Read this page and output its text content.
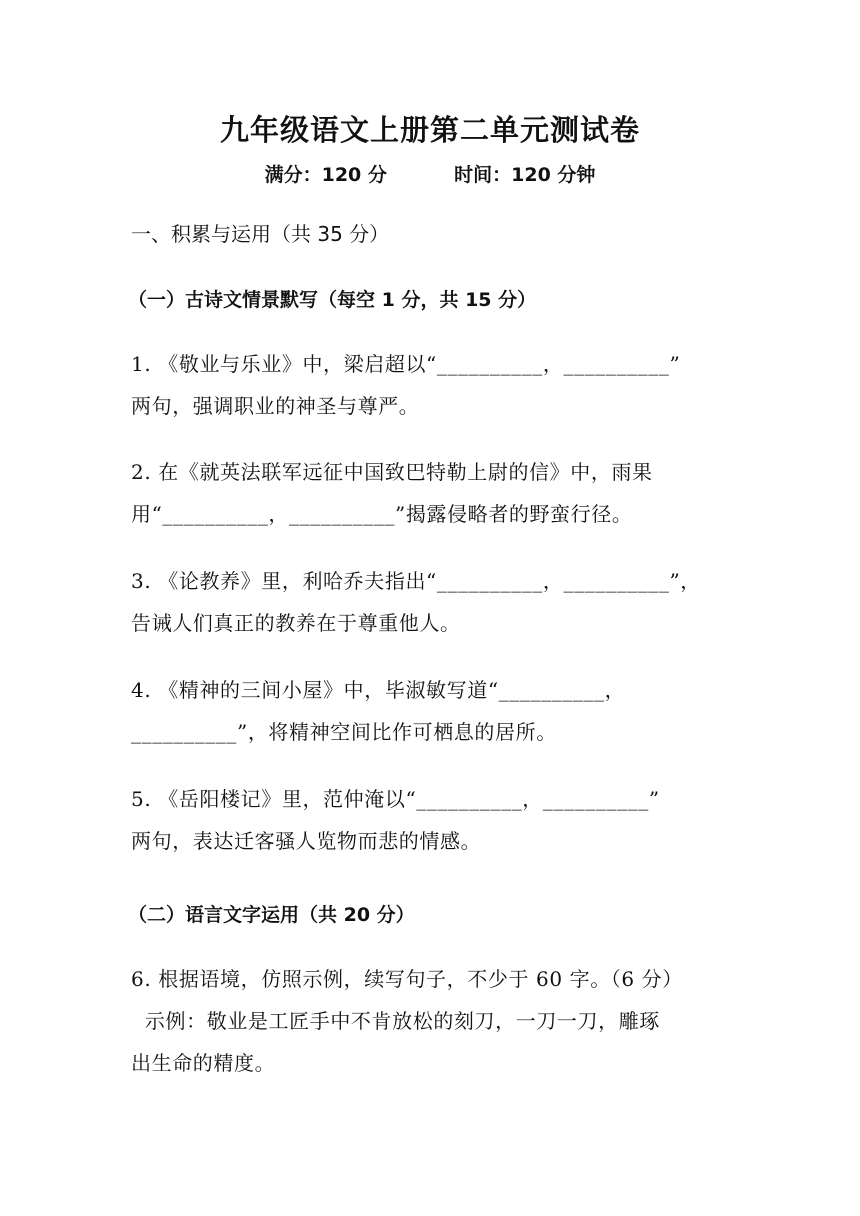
九年级语文上册第二单元测试卷
满分：120 分	时间：120 分钟
一、积累与运用（共 35 分）
（一）古诗文情景默写（每空 1 分，共 15 分）
1. 《敬业与乐业》中，梁启超以“__________，__________”
两句，强调职业的神圣与尊严。
2. 在《就英法联军远征中国致巴特勒上尉的信》中，雨果
用“__________，__________”揭露侵略者的野蛮行径。
3. 《论教养》里，利哈乔夫指出“__________，__________”，
告诫人们真正的教养在于尊重他人。
4. 《精神的三间小屋》中，毕淑敏写道“__________，
__________”，将精神空间比作可栖息的居所。
5. 《岳阳楼记》里，范仲淹以“__________，__________”
两句，表达迁客骚人览物而悲的情感。
（二）语言文字运用（共 20 分）
6. 根据语境，仿照示例，续写句子，不少于 60 字。（6 分）
示例：敬业是工匠手中不肯放松的刻刀，一刀一刀，雕琢
出生命的精度。
